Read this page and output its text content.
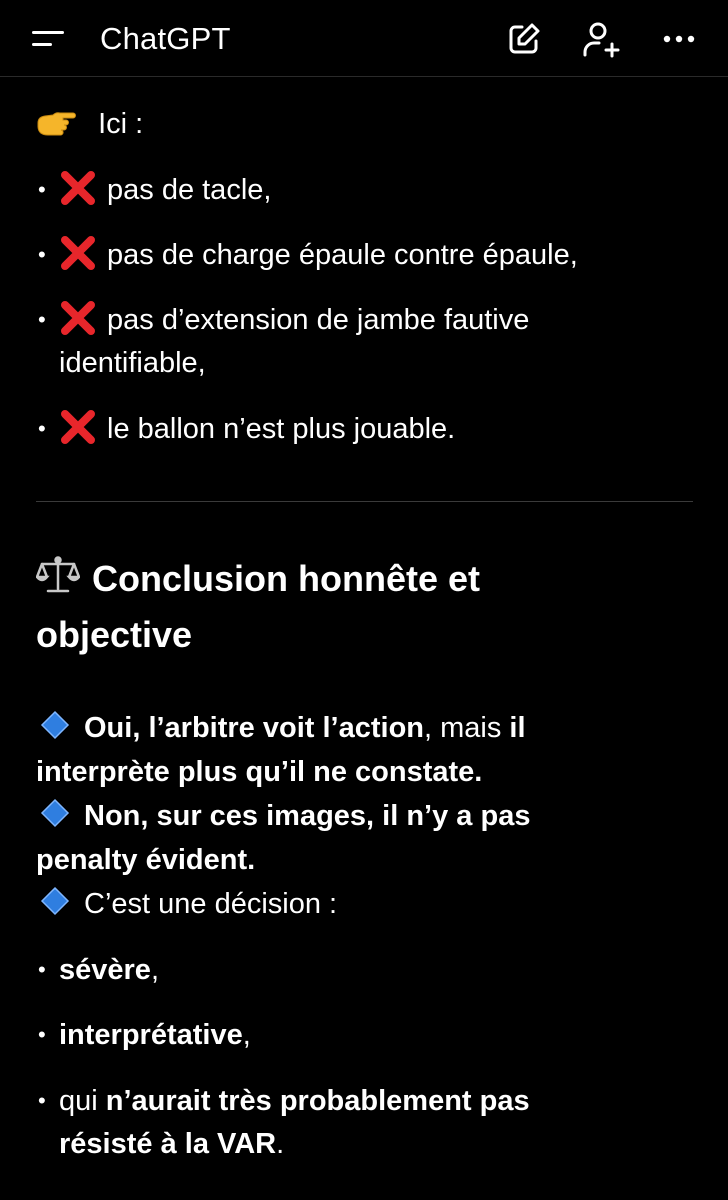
ChatGPT
Ici :
•	pas de tacle,
•	pas de charge épaule contre épaule,
•	pas d’extension de jambe fautive
identifiable,
•	le ballon n’est plus jouable.
Conclusion honnête et
objective
Oui, l’arbitre voit l’action, mais il
interprète plus qu’il ne constate.
Non, sur ces images, il n’y a pas
penalty évident.
C’est une décision :
• sévère,
• interprétative,
• qui n’aurait très probablement pas
résisté à la VAR.
